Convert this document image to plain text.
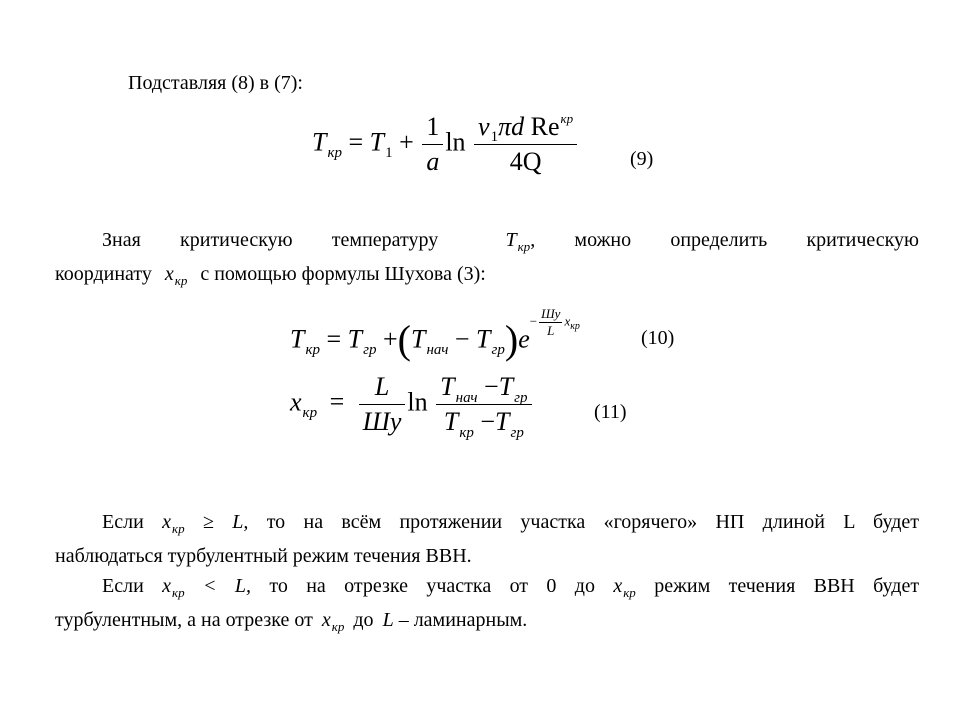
Подставляя (8) в (7):
$T_{кр} = T_1 + \frac{1}{a}$ $\ln \frac{\nu_1\pi d Re^{кр}}{4Q}$	(9)
Зная критическую температуру	$T_{кр}$, можно определить критическую
координату $x_{кр}$ с помощью формулы Шухова (3):
$T_{кр} = T_{гр} +(T_{нач} - T_{гр})e- \frac{Шу}{L} x_{кр}$
(10)
$x_{кр} = \frac{L}{Шу}$ $\ln \frac{T_{нач} -T_{гр}}{T_{кр} -T_{гр}}$	(11)
Если $x_{кр} \ge L$, то на всём протяжении участка «горячего» НП длиной L будет
наблюдаться турбулентный режим течения ВВН.
Если $x_{кр} < L$, то на отрезке участка от 0 до $x_{кр}$ режим течения ВВН будет
турбулентным, а на отрезке от $x_{кр}$ до L – ламинарным.
